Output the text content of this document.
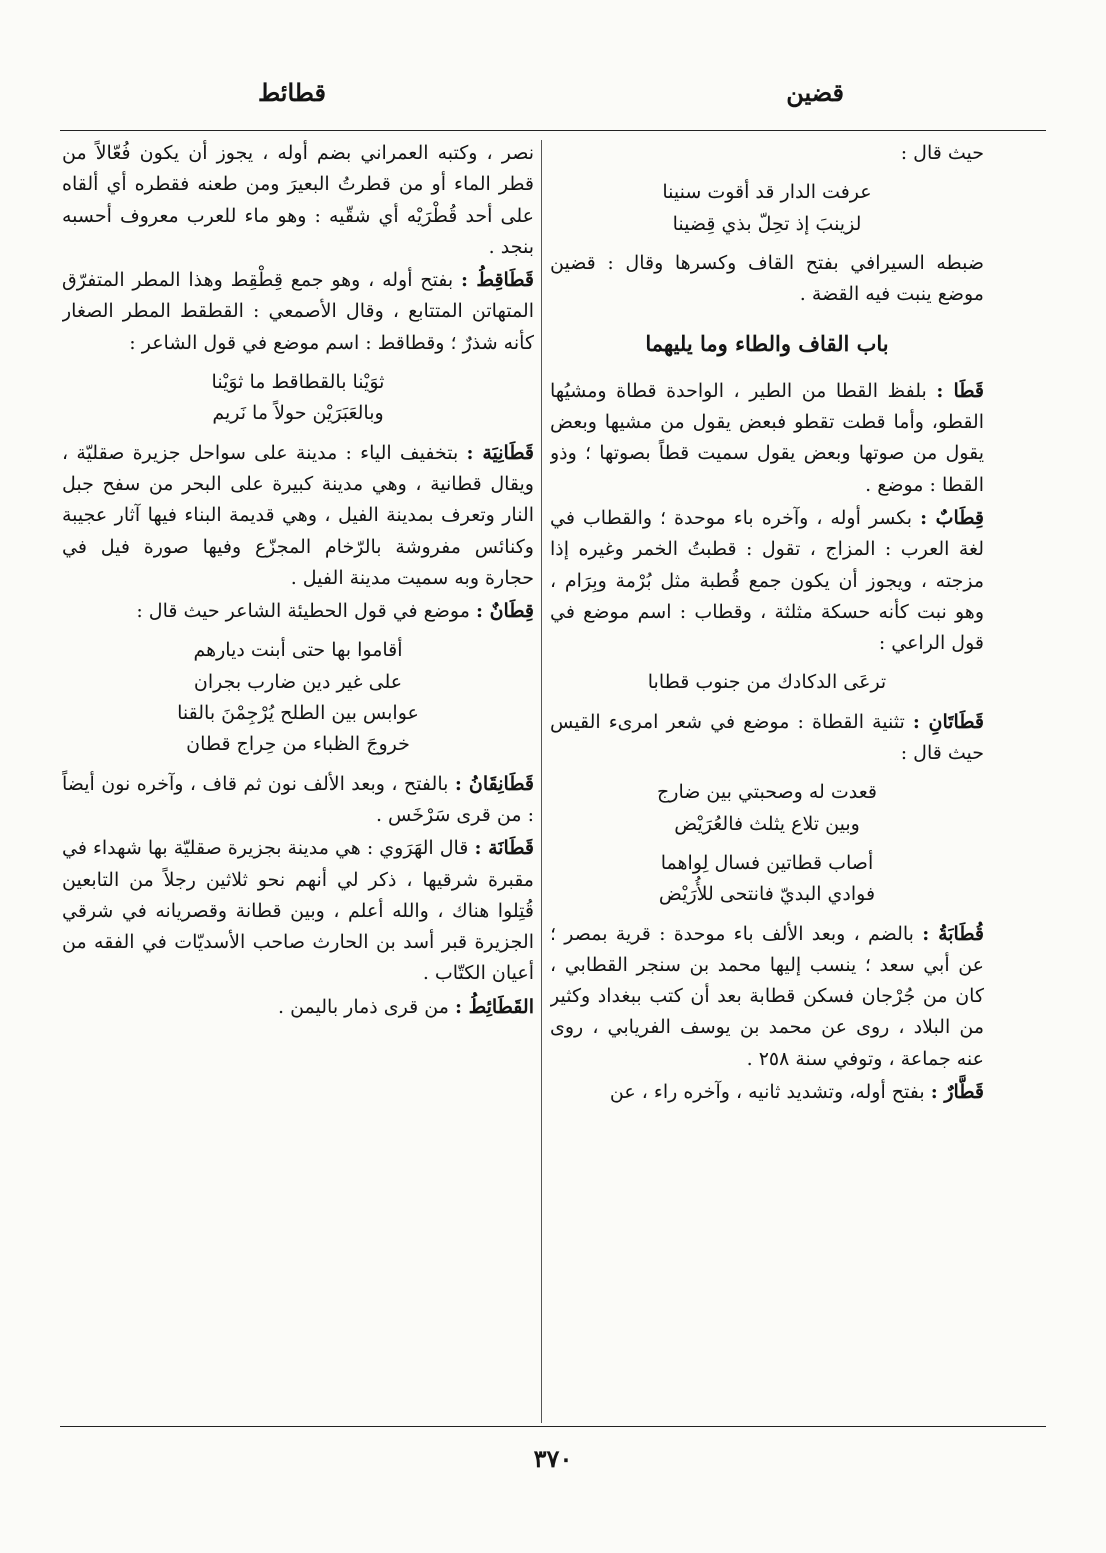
قضين
قطائط
حيث قال :
عرفت الدار قد أقوت سنينا
لزينبَ إذ تحِلّ بذي قِضينا
ضبطه السيرافي بفتح القاف وكسرها وقال : قضين موضع ينبت فيه القضة .
باب القاف والطاء وما يليهما
قَطَا : بلفظ القطا من الطير ، الواحدة قطاة ومشيُها القطو، وأما قطت تقطو فبعض يقول من مشيها وبعض يقول من صوتها وبعض يقول سميت قطاً بصوتها ؛ وذو القطا : موضع .
قِطَابٌ : بكسر أوله ، وآخره باء موحدة ؛ والقطاب في لغة العرب : المزاج ، تقول : قطبتُ الخمر وغيره إذا مزجته ، ويجوز أن يكون جمع قُطبة مثل بُرْمة وبِرَام ، وهو نبت كأنه حسكة مثلثة ، وقطاب : اسم موضع في قول الراعي :
ترعَى الدكادك من جنوب قطابا
قَطَاتَانِ : تثنية القطاة : موضع في شعر امرىء القيس حيث قال :
قعدت له وصحبتي بين ضارج
وبين تلاع يثلث فالعُرَيْض
أصاب قطاتين فسال لِواهما
فوادي البديّ فانتحى للأُرَيْض
قُطَابَةُ : بالضم ، وبعد الألف باء موحدة : قرية بمصر ؛ عن أبي سعد ؛ ينسب إليها محمد بن سنجر القطابي ، كان من جُرْجان فسكن قطابة بعد أن كتب ببغداد وكثير من البلاد ، روى عن محمد بن يوسف الفريابي ، روى عنه جماعة ، وتوفي سنة ٢٥٨ .
قَطَّارٌ : بفتح أوله، وتشديد ثانيه ، وآخره راء ، عن
نصر ، وكتبه العمراني بضم أوله ، يجوز أن يكون فُعّالاً من قطر الماء أو من قطرتُ البعيرَ ومن طعنه فقطره أي ألقاه على أحد قُطْرَيْه أي شقّيه : وهو ماء للعرب معروف أحسبه بنجد .
قَطَاقِطُ : بفتح أوله ، وهو جمع قِطْقِط وهذا المطر المتفرّق المتهاتن المتتابع ، وقال الأصمعي : القطقط المطر الصغار كأنه شذرٌ ؛ وقطاقط : اسم موضع في قول الشاعر :
ثوَيْنا بالقطاقط ما ثوَيْنا
وبالعَبَرَيْن حولاً ما نَريم
قَطَانِيَة : بتخفيف الياء : مدينة على سواحل جزيرة صقليّة ، ويقال قطانية ، وهي مدينة كبيرة على البحر من سفح جبل النار وتعرف بمدينة الفيل ، وهي قديمة البناء فيها آثار عجيبة وكنائس مفروشة بالرّخام المجزّع وفيها صورة فيل في حجارة وبه سميت مدينة الفيل .
قِطَانٌ : موضع في قول الحطيئة الشاعر حيث قال :
أقاموا بها حتى أبنت ديارهم
على غير دين ضارب بجران
عوابس بين الطلح يُرْجِمْنَ بالقنا
خروجَ الظباء من حِراج قطان
قَطَانِقَانُ : بالفتح ، وبعد الألف نون ثم قاف ، وآخره نون أيضاً : من قرى سَرْخَس .
قَطَانَة : قال الهَرَوي : هي مدينة بجزيرة صقليّة بها شهداء في مقبرة شرقيها ، ذكر لي أنهم نحو ثلاثين رجلاً من التابعين قُتِلوا هناك ، والله أعلم ، وبين قطانة وقصريانه في شرقي الجزيرة قبر أسد بن الحارث صاحب الأسديّات في الفقه من أعيان الكتّاب .
القَطَائِطُ : من قرى ذمار باليمن .
٣٧٠
